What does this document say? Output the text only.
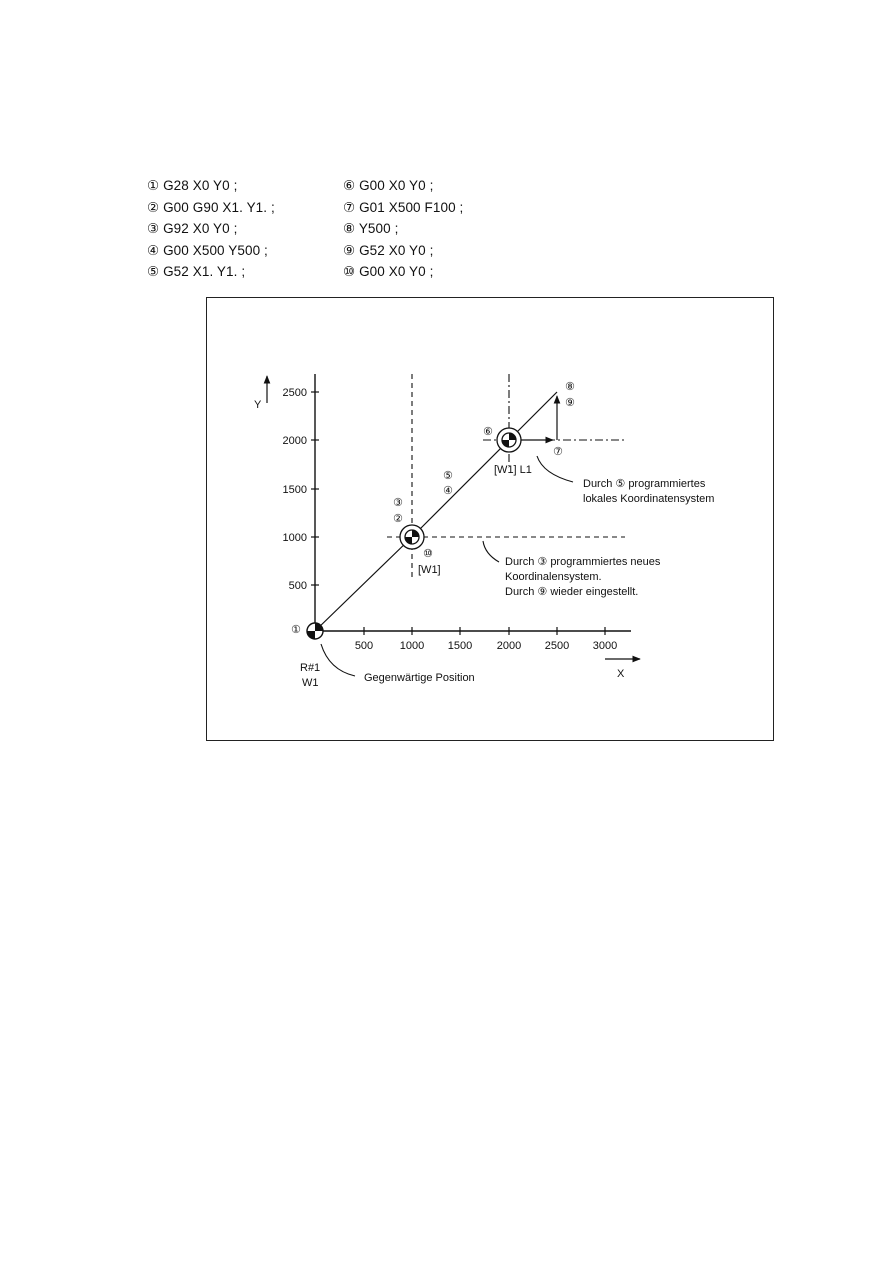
① G28 X0 Y0 ;
② G00 G90 X1. Y1. ;
③ G92 X0 Y0 ;
④ G00 X500 Y500 ;
⑤ G52 X1. Y1. ;
⑥ G00 X0 Y0 ;
⑦ G01 X500 F100 ;
⑧ Y500 ;
⑨ G52 X0 Y0 ;
⑩ G00 X0 Y0 ;
2500
2000
1500
1000
500
500 1000 1500 2000 2500 3000
Y
X
①
③
②
⑩
⑤
④
⑥
⑦
⑧
⑨
[W1]
[W1] L1
R#1
W1	Gegenwärtige Position
Durch ③ programmiertes neues
Koordinalensystem.
Durch ⑨ wieder eingestellt.
Durch ⑤ programmiertes
lokales Koordinatensystem
